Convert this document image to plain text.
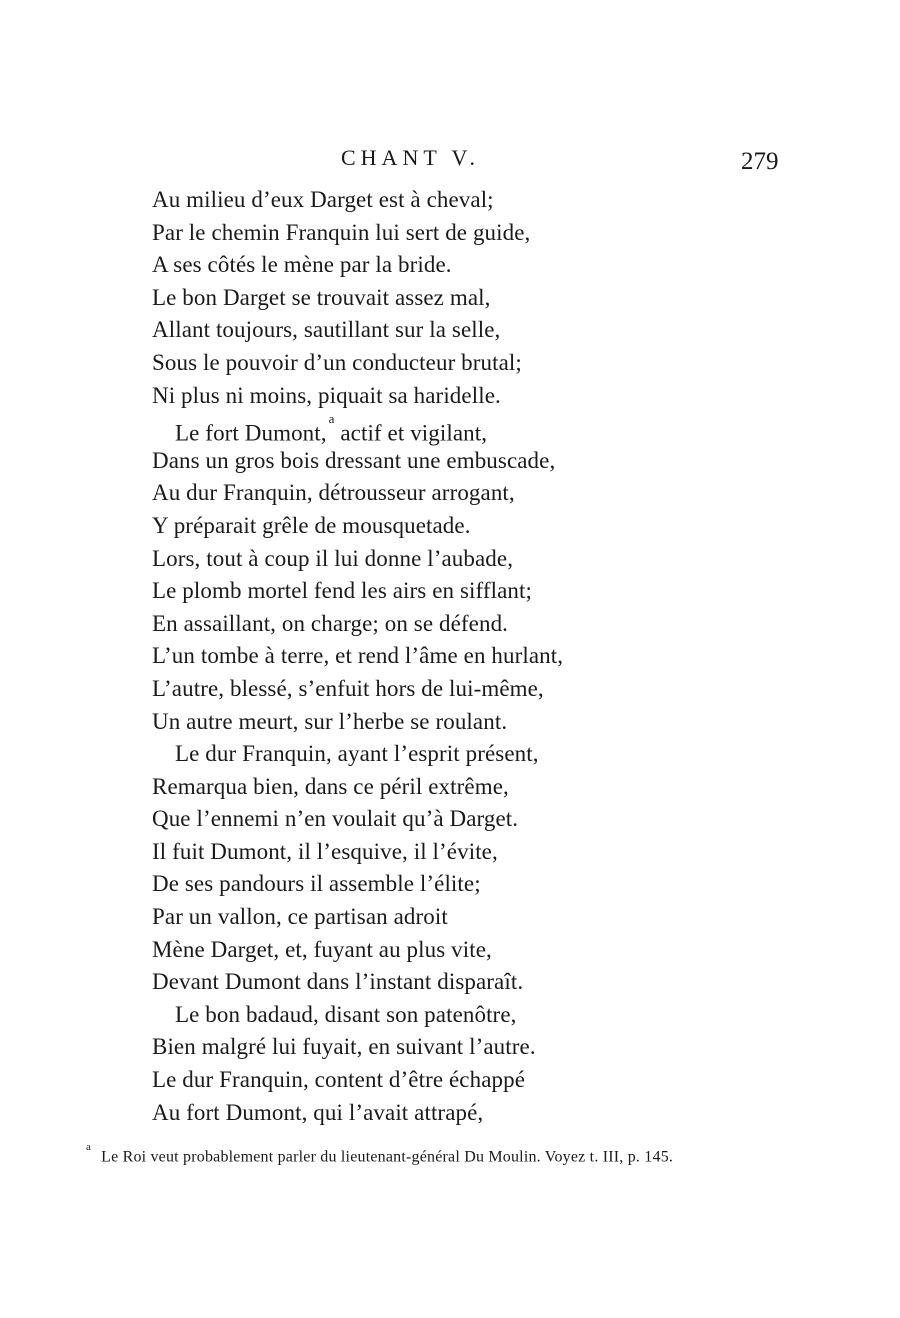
CHANT V.	279
Au milieu d’eux Darget est à cheval;
Par le chemin Franquin lui sert de guide,
A ses côtés le mène par la bride.
Le bon Darget se trouvait assez mal,
Allant toujours, sautillant sur la selle,
Sous le pouvoir d’un conducteur brutal;
Ni plus ni moins, piquait sa haridelle.
Le fort Dumont,$^a$ actif et vigilant,
Dans un gros bois dressant une embuscade,
Au dur Franquin, détrousseur arrogant,
Y préparait grêle de mousquetade.
Lors, tout à coup il lui donne l’aubade,
Le plomb mortel fend les airs en sifflant;
En assaillant, on charge; on se défend.
L’un tombe à terre, et rend l’âme en hurlant,
L’autre, blessé, s’enfuit hors de lui-même,
Un autre meurt, sur l’herbe se roulant.
Le dur Franquin, ayant l’esprit présent,
Remarqua bien, dans ce péril extrême,
Que l’ennemi n’en voulait qu’à Darget.
Il fuit Dumont, il l’esquive, il l’évite,
De ses pandours il assemble l’élite;
Par un vallon, ce partisan adroit
Mène Darget, et, fuyant au plus vite,
Devant Dumont dans l’instant disparaît.
Le bon badaud, disant son patenôtre,
Bien malgré lui fuyait, en suivant l’autre.
Le dur Franquin, content d’être échappé
Au fort Dumont, qui l’avait attrapé,
$^a$Le Roi veut probablement parler du lieutenant-général Du Moulin. Voyez t. III, p. 145.
